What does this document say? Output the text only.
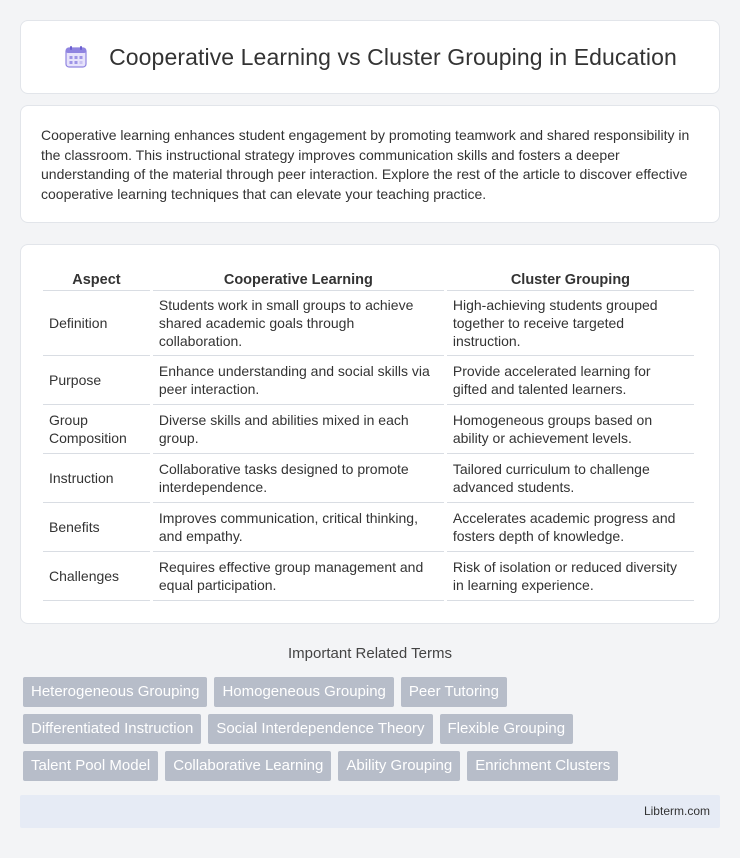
Cooperative Learning vs Cluster Grouping in Education

Cooperative learning enhances student engagement by promoting teamwork and shared responsibility in the classroom. This instructional strategy improves communication skills and fosters a deeper understanding of the material through peer interaction. Explore the rest of the article to discover effective cooperative learning techniques that can elevate your teaching practice.

Aspect	Cooperative Learning	Cluster Grouping
Definition	Students work in small groups to achieve shared academic goals through collaboration.	High-achieving students grouped together to receive targeted instruction.
Purpose	Enhance understanding and social skills via peer interaction.	Provide accelerated learning for gifted and talented learners.
Group Composition	Diverse skills and abilities mixed in each group.	Homogeneous groups based on ability or achievement levels.
Instruction	Collaborative tasks designed to promote interdependence.	Tailored curriculum to challenge advanced students.
Benefits	Improves communication, critical thinking, and empathy.	Accelerates academic progress and fosters depth of knowledge.
Challenges	Requires effective group management and equal participation.	Risk of isolation or reduced diversity in learning experience.
Important Related Terms
Heterogeneous Grouping	Homogeneous Grouping	Peer Tutoring
Differentiated Instruction	Social Interdependence Theory	Flexible Grouping
Talent Pool Model	Collaborative Learning	Ability Grouping	Enrichment Clusters
Libterm.com
